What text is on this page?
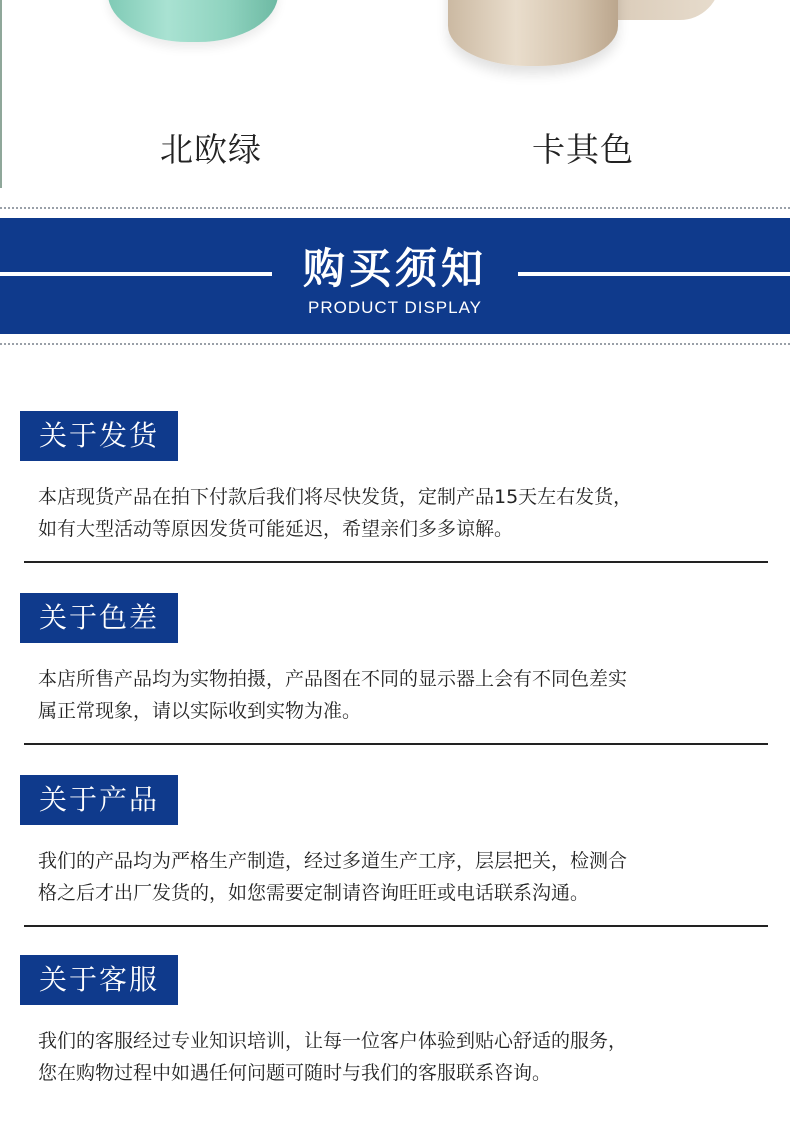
北欧绿	卡其色
购买须知
PRODUCT DISPLAY
关于发货
本店现货产品在拍下付款后我们将尽快发货，定制产品15天左右发货，
如有大型活动等原因发货可能延迟，希望亲们多多谅解。
关于色差
本店所售产品均为实物拍摄，产品图在不同的显示器上会有不同色差实
属正常现象，请以实际收到实物为准。
关于产品
我们的产品均为严格生产制造，经过多道生产工序，层层把关，检测合
格之后才出厂发货的，如您需要定制请咨询旺旺或电话联系沟通。
关于客服
我们的客服经过专业知识培训，让每一位客户体验到贴心舒适的服务，
您在购物过程中如遇任何问题可随时与我们的客服联系咨询。
